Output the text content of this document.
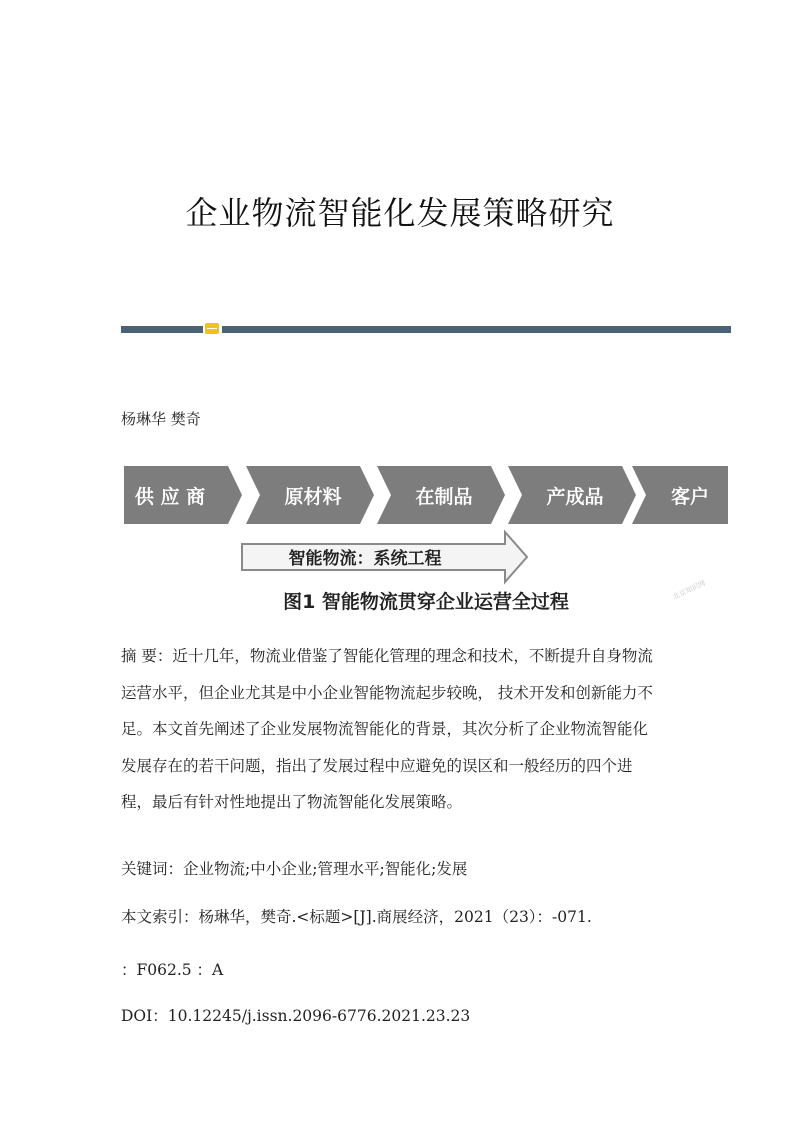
企业物流智能化发展策略研究
杨琳华 樊奇
供 应 商	原材料	在制品	产成品	客户
智能物流：系统工程
图1 智能物流贯穿企业运营全过程
北京知识网
摘 要：近十几年，物流业借鉴了智能化管理的理念和技术，不断提升自身物流
运营水平，但企业尤其是中小企业智能物流起步较晚， 技术开发和创新能力不
足。本文首先阐述了企业发展物流智能化的背景，其次分析了企业物流智能化
发展存在的若干问题，指出了发展过程中应避免的误区和一般经历的四个进
程，最后有针对性地提出了物流智能化发展策略。
关键词：企业物流;中小企业;管理水平;智能化;发展
本文索引：杨琳华，樊奇.<标题>[J].商展经济，2021（23）：-071.
：F062.5 ：A
DOI：10.12245/j.issn.2096-6776.2021.23.23
